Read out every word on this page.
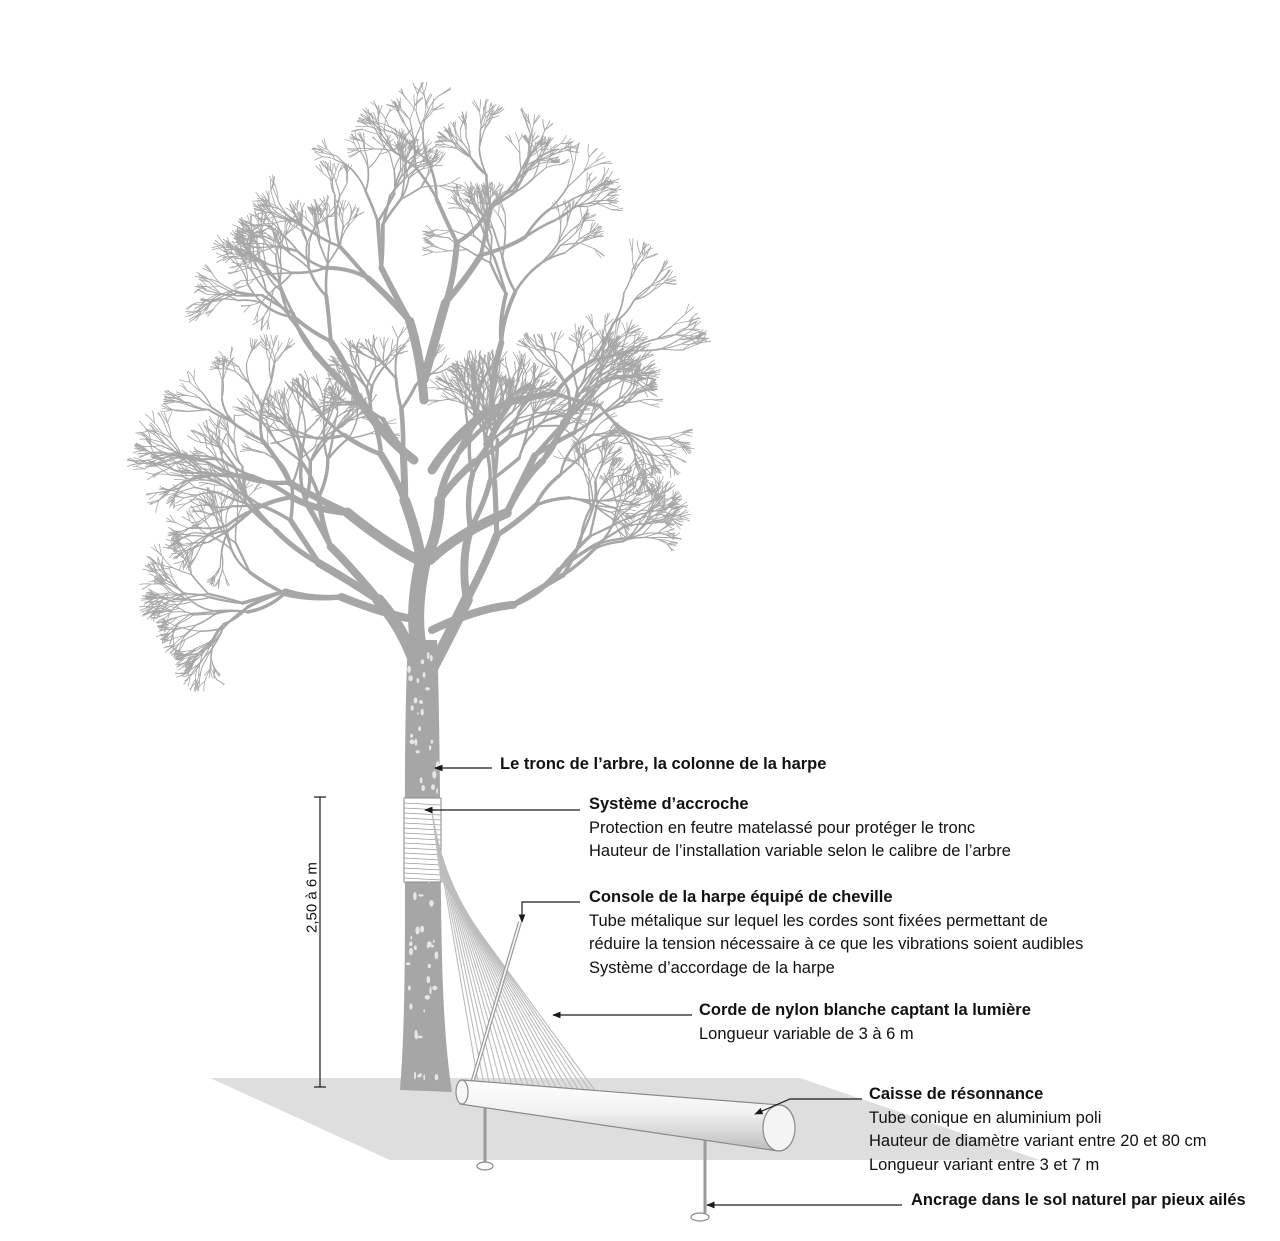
2,50 à 6 m
Le tronc de l’arbre, la colonne de la harpe
Système d’accroche
Protection en feutre matelassé pour protéger le tronc
Hauteur de l’installation variable selon le calibre de l’arbre
Console de la harpe équipé de cheville
Tube métalique sur lequel les cordes sont fixées permettant de
réduire la tension nécessaire à ce que les vibrations soient audibles
Système d’accordage de la harpe
Corde de nylon blanche captant la lumière
Longueur variable de 3 à 6 m
Caisse de résonnance
Tube conique en aluminium poli
Hauteur de diamètre variant entre 20 et 80 cm
Longueur variant entre 3 et 7 m
Ancrage dans le sol naturel par pieux ailés
